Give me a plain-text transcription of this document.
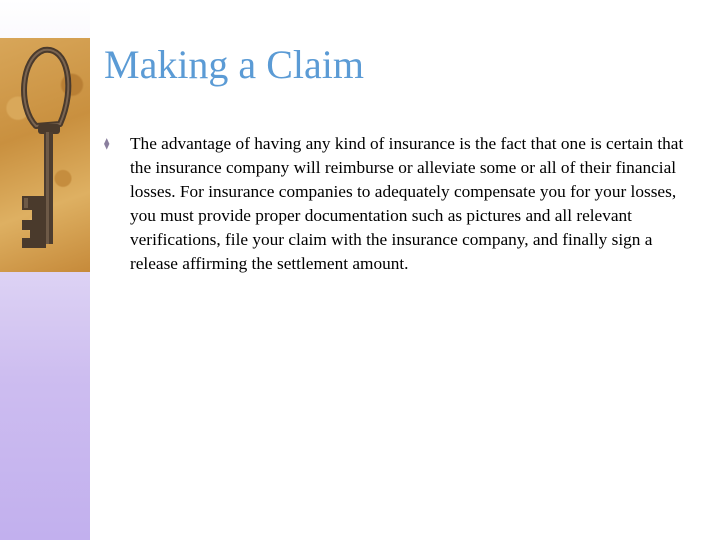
Making a Claim
⧫ The advantage of having any kind of insurance is the fact that one is certain that the insurance company will reimburse or alleviate some or all of their financial losses. For insurance companies to adequately compensate you for your losses, you must provide proper documentation such as pictures and all relevant verifications, file your claim with the insurance company, and finally sign a release affirming the settlement amount.
